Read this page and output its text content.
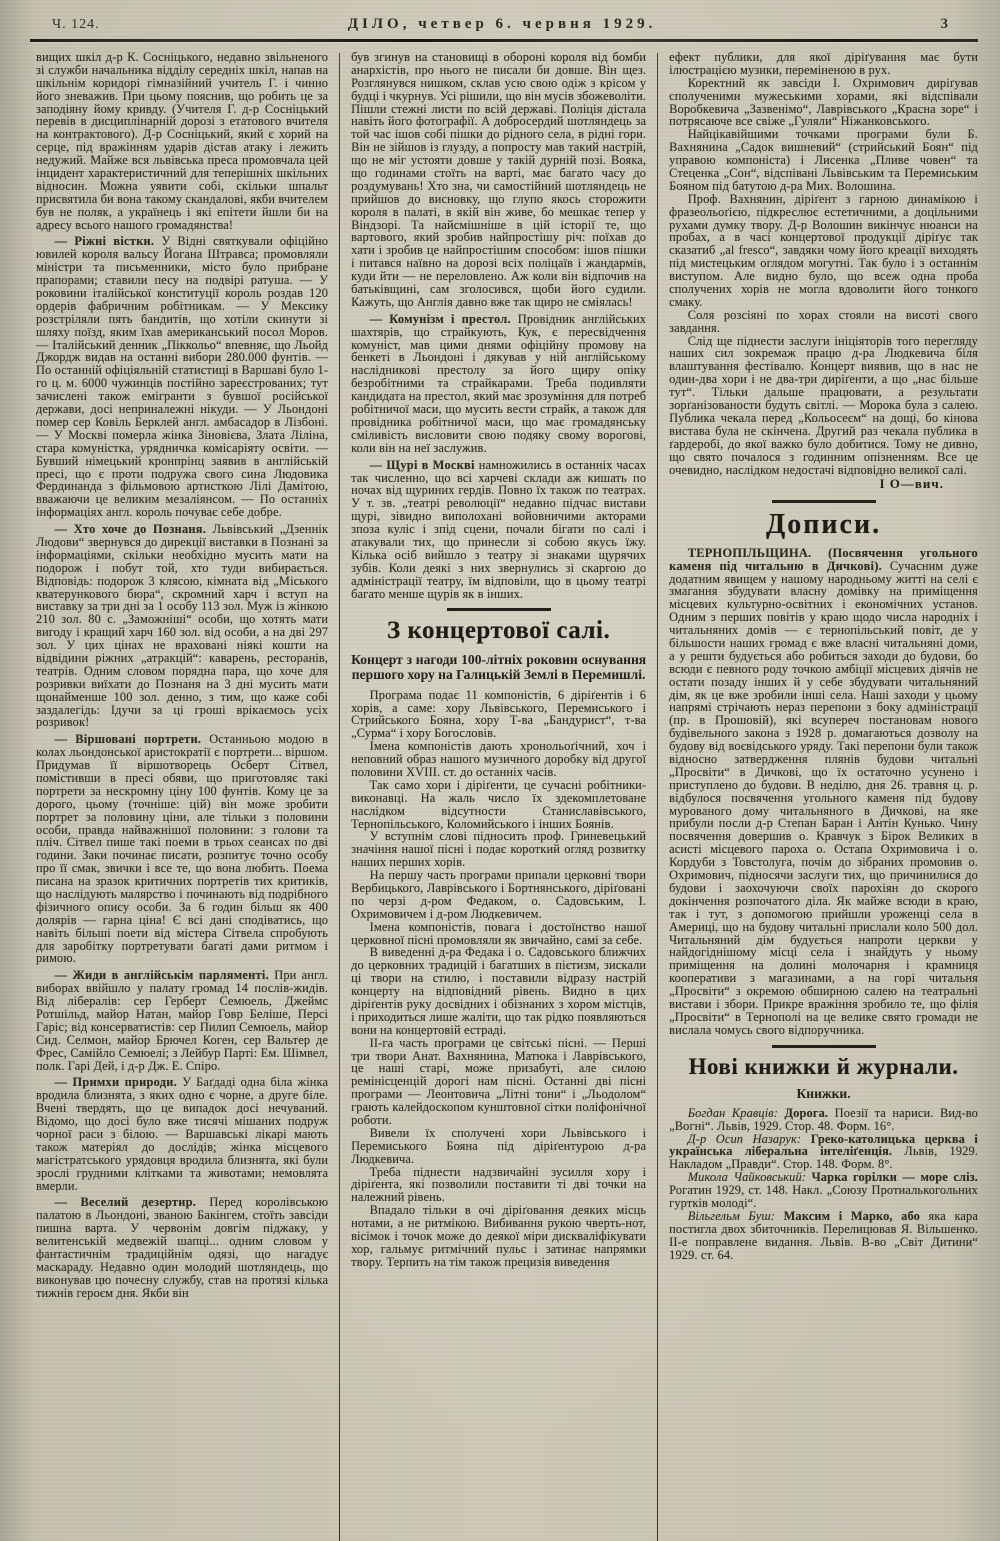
Ч. 124.	ДІЛО, четвер 6. червня 1929.	3

вищих шкіл д-р К. Сосніцького, недавно звільненого зі служби начальника відділу середніх шкіл, напав на шкільнім коридорі гімназійний учитель Г. і чинно його зневажив. При цьому пояснив, що робить це за заподіяну йому кривду. (Учителя Г. д-р Сосніцький перевів в дисциплінарній дорозі з етатового вчителя на контрактового). Д-р Сосніцький, який є хорий на серце, під вражінням ударів дістав атаку і лежить недужий. Майже вся львівська преса промовчала цей інцидент характеристичний для теперішніх шкільних відносин. Можна уявити собі, скільки шпальт присвятила би вона такому скандалові, якби вчителем був не поляк, а українець і які епітети йшли би на адресу всього нашого громадянства!

— Ріжні вістки. У Відні святкували офіційно ювилей короля вальсу Йогана Штравса; промовляли міністри та письменники, місто було прибране прапорами; ставили песу на подвірі ратуша. — У роковини італійської конституції король роздав 120 ордерів фабричним робітникам. — У Мексику розстріляли пять бандитів, що хотіли скинути зі шляху поїзд, яким їхав американський посол Моров. — Італійський денник „Піккольо“ впевняє, що Льойд Джордж видав на останні вибори 280.000 фунтів. — По останній офіціяльній статистиці в Варшаві було 1-го ц. м. 6000 чужинців постійно зареєстрованих; тут зачислені також емігранти з бувшої російської держави, досі неприналежні нікуди. — У Льондоні помер сер Ковіль Берклей англ. амбасадор в Лізбоні. — У Москві померла жінка Зіновієва, Злата Ліліна, стара комуністка, урядничка комісаріяту освіти. — Бувший німецький кронпрінц заявив в англійській пресі, що є проти подружа свого сина Людовика Фердинанда з фільмовою артисткою Лілі Дамітою, вважаючи це великим мезаліянсом. — По останніх інформаціях англ. король почуває себе добре.

— Хто хоче до Познаня. Львівський „Дзеннік Людови“ звернувся до дирекції виставки в Познані за інформаціями, скільки необхідно мусить мати на подорож і побут той, хто туди вибирається. Відповідь: подорож 3 клясою, кімната від „Міського кватерункового бюра“, скромний харч і вступ на виставку за три дні за 1 особу 113 зол. Муж із жінкою 210 зол. 80 с. „Заможніші“ особи, що хотять мати вигоду і кращий харч 160 зол. від особи, а на дві 297 зол. У цих цінах не враховані ніякі кошти на відвідини ріжних „атракцій“: каварень, ресторанів, театрів. Одним словом порядна пара, що хоче для розривки виїхати до Познаня на 3 дні мусить мати щонайменше 100 зол. денно, з тим, що каже собі заздалегідь: Ідучи за ці гроші врікаємось усіх розривок!

— Віршовані портрети. Останньою модою в колах льондонської аристократії є портрети... віршом. Придумав її віршотворець Осберт Сітвел, помістивши в пресі обяви, що приготовляє такі портрети за нескромну ціну 100 фунтів. Кому це за дорого, цьому (точніше: цій) він може зробити портрет за половину ціни, але тільки з половини особи, правда найважнішої половини: з голови та пліч. Сітвел пише такі поеми в трьох сеансах по дві години. Заки починає писати, розпитує точно особу про її смак, звички і все те, що вона любить. Поема писана на зразок критичних портретів тих критиків, що наслідують малярство і починають від подрібного фізичного опису особи. За 6 годин більш як 400 долярів — гарна ціна! Є всі дані сподіватись, що навіть більші поети від містера Сітвела спробують для заробітку портретувати багаті дами ритмом і римою.

— Жиди в англійськім парляменті. При англ. виборах ввійшло у палату громад 14 послів-жидів. Від лібералів: сер Герберт Семюель, Джеймс Ротшільд, майор Натан, майор Говр Беліше, Персі Гаріс; від консерватистів: сер Пилип Семюель, майор Сид. Селмон, майор Брючел Коген, сер Вальтер де Фрес, Самійло Семюелі; з Лейбур Парті: Ем. Шімвел, полк. Гарі Дей, і д-р Дж. Е. Спіро.

— Примхи природи. У Баґдаді одна біла жінка вродила близнята, з яких одно є чорне, а друге біле. Вчені твердять, що це випадок досі нечуваний. Відомо, що досі було вже тисячі мішаних подруж чорної раси з білою. — Варшавські лікарі мають також матеріял до дослідів; жінка місцевого магістратського урядовця вродила близнята, які були зрослі грудними клітками та животами; немовлята вмерли.

— Веселий дезертир. Перед королівською палатою в Льондоні, званою Бакінгем, стоїть завсіди пишна варта. У червонім довгім піджаку, у велитенській медвежій шапці... одним словом у фантастичнім традиційнім одязі, що нагадує маскараду. Недавно один молодий шотляндець, що виконував цю почесну службу, став на протязі кілька тижнів героєм дня. Якби він

був згинув на становищі в обороні короля від бомби анархістів, про нього не писали би довше. Він щез. Розглянувся нишком, склав усю свою одіж з крісом у будці і чкурнув. Усі рішили, що він мусів збожеволіти. Пішли стежні листи по всій державі. Поліція дістала навіть його фотографії. А добросердий шотляндець за той час ішов собі пішки до рідного села, в рідні гори. Він не зійшов із глузду, а попросту мав такий настрій, що не міг устояти довше у такій дурній позі. Вояка, що годинами стоїть на варті, має багато часу до роздумувань! Хто зна, чи самостійний шотляндець не прийшов до висновку, що глупо якось сторожити короля в палаті, в якій він живе, бо мешкає тепер у Віндзорі. Та найсмішніше в цій історії те, що вартового, який зробив найпростішу річ: поїхав до хати і зробив це найпростішим способом: ішов пішки і питався наївно на дорозі всіх поліцаїв і жандармів, куди йти — не переловлено. Аж коли він відпочив на батьківщині, сам зголосився, щоби його судили. Кажуть, що Англія давно вже так щиро не сміялась!

— Комунізм і престол. Провідник англійських шахтярів, що страйкують, Кук, є пересвідчення комуніст, мав цими днями офіційну промову на бенкеті в Льондоні і дякував у ній англійському наслідникові престолу за його щиру опіку безробітними та страйкарами. Треба подивляти кандидата на престол, який має зрозуміння для потреб робітничої маси, що мусить вести страйк, а також для провідника робітничої маси, що має громадянську сміливість висловити свою подяку свому ворогові, коли він на неї заслужив.

— Щурі в Москві намножились в останніх часах так численно, що всі харчеві склади аж кишать по ночах від щуриних гердів. Повно їх також по театрах. У т. зв. „театрі революції“ недавно підчас вистави щурі, зівидно виполохані войовничими акторами зпоза куліс і зпід сцени, почали бігати по салі і атакували тих, що принесли зі собою якусь їжу. Кілька осіб вийшло з театру зі знаками щурячих зубів. Коли деякі з них звернулись зі скаргою до адміністрації театру, їм відповіли, що в цьому театрі багато менше щурів як в інших.

З концертової салі.

Концерт з нагоди 100-літніх роковин оснування першого хору на Галицькій Землі в Перемишлі.

Програма подає 11 компоністів, 6 діріґентів і 6 хорів, а саме: хору Львівського, Перемиського і Стрийського Бояна, хору Т-ва „Бандурист“, т-ва „Сурма“ і хору Богословів.

Імена компоністів дають хронольоґічний, хоч і неповний образ нашого музичного доробку від другої половини XVIII. ст. до останніх часів.

Так само хори і діріґенти, це сучасні робітники-виконавці. На жаль число їх здекомплетоване наслідком відсутности Станиславівського, Тернопільського, Коломийського і інших Боянів.

У вступнім слові підносить проф. Гриневецький значіння нашої пісні і подає короткий огляд розвитку наших перших хорів.

На першу часть програми припали церковні твори Вербицького, Лаврівського і Бортнянського, діріґовані по черзі д-ром Федаком, о. Садовським, І. Охримовичем і д-ром Людкевичем.

Імена компоністів, повага і достоїнство нашої церковної пісні промовляли як звичайно, самі за себе.

В виведенні д-ра Федака і о. Садовського ближчих до церковних традицій і багатших в пієтизм, зискали ці твори на стилю, і поставили відразу настрій концерту на відповідний рівень. Видно в цих діріґентів руку досвідних і обізнаних з хором містців, і приходиться лише жаліти, що так рідко появляються вони на концертовій естраді.

ІІ-га часть програми це світські пісні. — Перші три твори Анат. Вахнянина, Матюка і Лаврівського, це наші старі, може призабуті, але силою ремінісценцій дорогі нам пісні. Останні дві пісні програми — Леонтовича „Літні тони“ і „Льодолом“ грають калейдоскопом кунштовної сітки поліфонічної роботи.

Вивели їх сполучені хори Львівського і Перемиського Бояна під діріґентурою д-ра Людкевича.

Треба піднести надзвичайні зусилля хору і діріґента, які позволили поставити ті дві точки на належний рівень.

Впадало тільки в очі діріґовання деяких місць нотами, а не ритмікою. Вибивання рукою чверть-нот, вісімок і точок може до деякої міри дискваліфікувати хор, гальмує ритмічний пульс і затинає напрямки твору. Терпить на тім також прецизія виведення

ефект публики, для якої діріґування має бути ілюстрацією музики, переміненою в рух.

Коректний як завсіди І. Охримович диріґував сполученими мужеськими хорами, які відспівали Воробкевича „Зазвенімо“, Лаврівського „Красна зоре“ і потрясаюче все свіже „Гуляли“ Ніжанковського.

Найцікавійшими точками програми були Б. Вахнянина „Садок вишневий“ (стрийський Боян“ під управою компоніста) і Лисенка „Пливе човен“ та Стеценка „Сон“, відспівані Львівським та Перемиським Бояном під батутою д-ра Мих. Волошина.

Проф. Вахнянин, діріґент з гарною динамікою і фразеольоґією, підкреслює естетичними, а доцільними рухами думку твору. Д-р Волошин викінчує нюанси на пробах, а в часі концертової продукції діріґує так сказатиб „al fresco“, завдяки чому його креації виходять під мистецьким оглядом могутні. Так було і з останнім виступом. Але видно було, що всеж одна проба сполучених хорів не могла вдоволити його тонкого смаку.

Соля розсіяні по хорах стояли на висоті свого завдання.

Слід ще піднести заслуги ініціяторів того перегляду наших сил зокремаж працю д-ра Людкевича біля влаштування фестівалю. Концерт виявив, що в нас не один-два хори і не два-три диріґенти, а що „нас більше тут“. Тільки дальше працювати, а результати зорґанізованости будуть світлі. — Морока була з салею. Публика чекала перед „Кольосеєм“ на дощі, бо кінова вистава була не скінчена. Другий раз чекала публика в ґардеробі, до якої важко було добитися. Тому не дивно, що свято почалося з годинним опізненням. Все це очевидно, наслідком недостачі відповідно великої салі.

І О—вич.
Дописи.

ТЕРНОПІЛЬЩИНА. (Посвячення угольного каменя під читальню в Дичкові). Сучасним дуже додатним явищем у нашому народньому житті на селі є змагання збудувати власну домівку на приміщення місцевих культурно-освітних і економічних установ. Одним з перших повітів у краю щодо числа народніх і читальняних домів — є тернопільський повіт, де у більшости наших громад є вже власні читальняні доми, а у решти будується або робиться заходи до будови, бо всюди є певного роду точкою амбіції місцевих діячів не остати позаду інших й у себе збудувати читальняний дім, як це вже зробили інші села. Наші заходи у цьому напрямі стрічають нераз перепони з боку адміністрації (пр. в Прошовій), які всупереч постановам нового будівельного закона з 1928 р. домагаються дозволу на будову від воєвідського уряду. Такі перепони були також відносно затвердження плянів будови читальні „Просвіти“ в Дичкові, що їх остаточно усунено і приступлено до будови. В неділю, дня 26. травня ц. р. відбулося посвячення угольного каменя під будову мурованого дому читальняного в Дичкові, на яке прибули посли д-р Степан Баран і Антін Кунько. Чину посвячення довершив о. Кравчук з Бірок Великих в асисті місцевого пароха о. Остапа Охримовича і о. Кордуби з Товстолуга, почім до зібраних промовив о. Охримович, підносячи заслуги тих, що причинилися до будови і заохочуючи своїх парохіян до скорого докінчення розпочатого діла. Як майже всюди в краю, так і тут, з допомогою прийшли уроженці села в Америці, що на будову читальні прислали коло 500 дол. Читальняний дім будується напроти церкви у найдогіднішому місці села і знайдуть у ньому приміщення на долині молочарня і крамниця кооперативи з магазинами, а на горі читальня „Просвіти“ з окремою обширною салею на театральні вистави і збори. Прикре вражіння зробило те, що філія „Просвіти“ в Тернополі на це велике свято громади не вислала чомусь свого відпоручника.

Нові книжки й журнали.
Книжки.

Богдан Кравців: Дорога. Поезії та нариси. Вид-во „Вогні“. Львів, 1929. Стор. 48. Форм. 16°.

Д-р Осип Назарук: Греко-католицька церква і українська ліберальна інтеліґенція. Львів, 1929. Накладом „Правди“. Стор. 148. Форм. 8°.

Микола Чайковський: Чарка горілки — море сліз. Рогатин 1929, ст. 148. Накл. „Союзу Протиалькогольних гуртків молоді“.

Вільгельм Буш: Максим і Марко, або яка кара постигла двох збиточників. Перелицював Я. Вільшенко. ІІ-е поправлене видання. Львів. В-во „Світ Дитини“ 1929. ст. 64.
